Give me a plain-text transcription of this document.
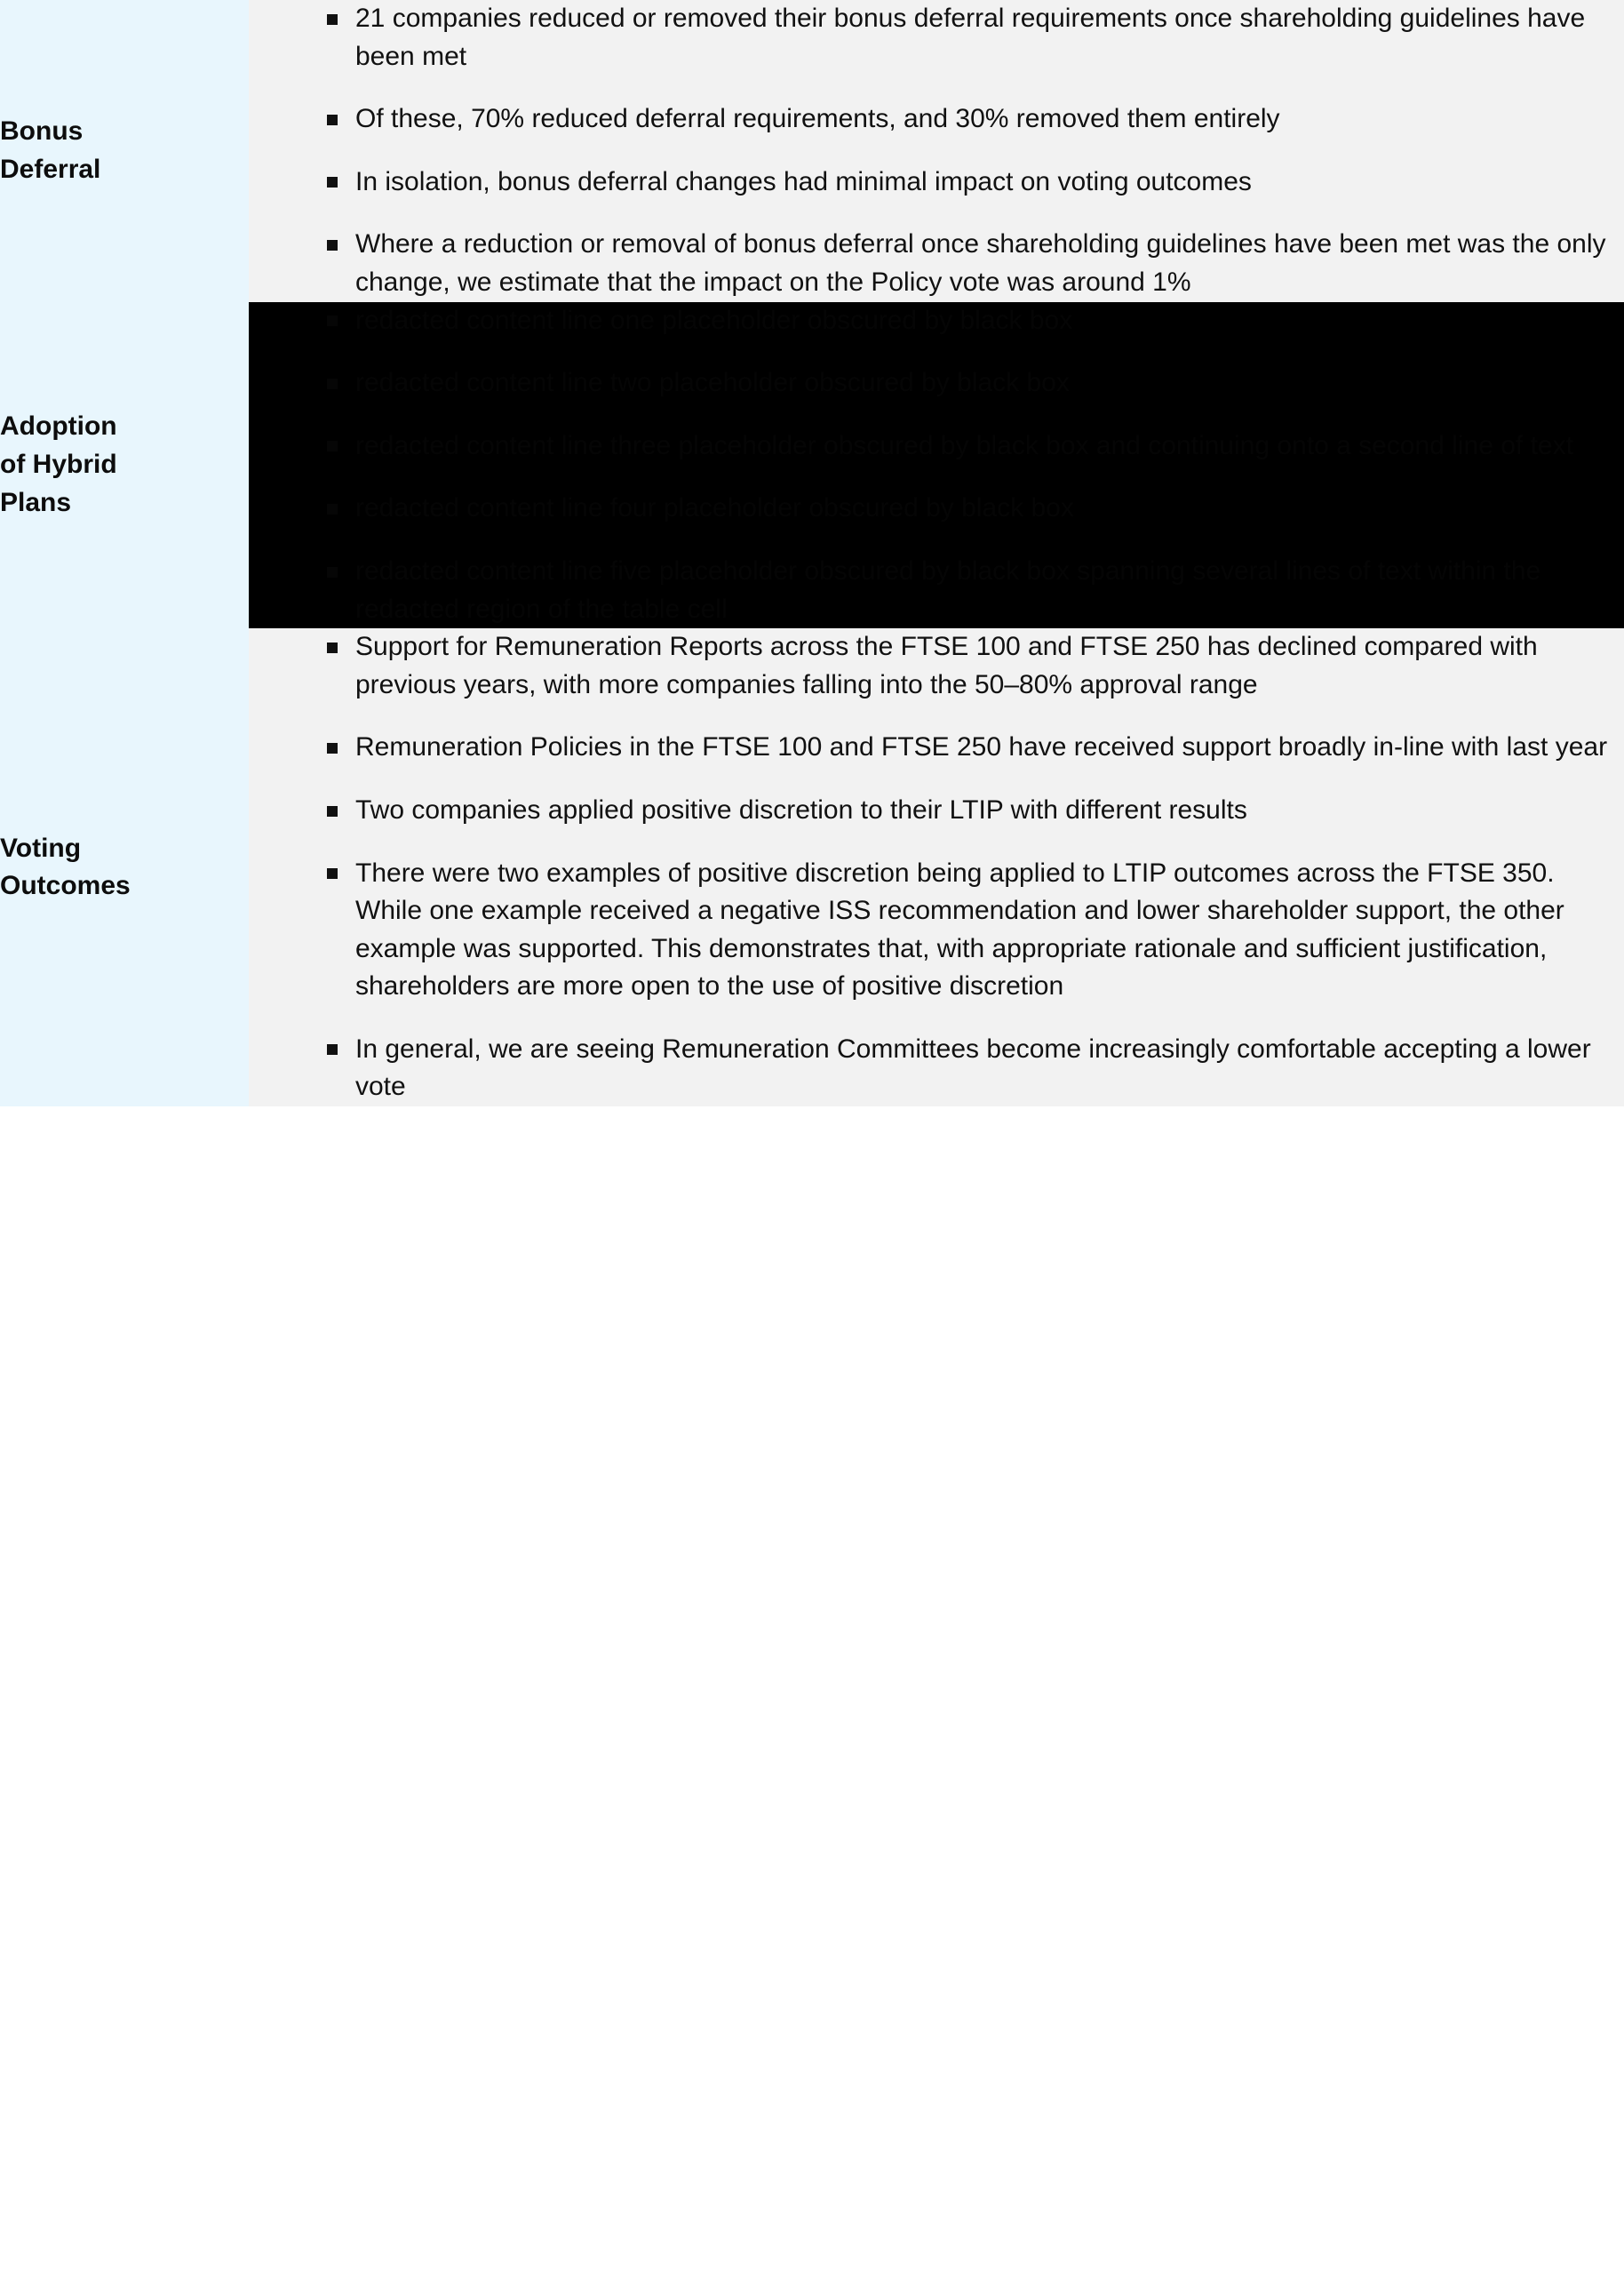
Bonus
Deferral

21 companies reduced or removed their bonus deferral requirements once shareholding guidelines have been met
Of these, 70% reduced deferral requirements, and 30% removed them entirely
In isolation, bonus deferral changes had minimal impact on voting outcomes
Where a reduction or removal of bonus deferral once shareholding guidelines have been met was the only change, we estimate that the impact on the Policy vote was around 1%

Adoption
of Hybrid
Plans

redacted content line one placeholder obscured by black box
redacted content line two placeholder obscured by black box
redacted content line three placeholder obscured by black box and continuing onto a second line of text
redacted content line four placeholder obscured by black box
redacted content line five placeholder obscured by black box spanning several lines of text within the redacted region of the table cell

Voting
Outcomes

Support for Remuneration Reports across the FTSE 100 and FTSE 250 has declined compared with previous years, with more companies falling into the 50–80% approval range
Remuneration Policies in the FTSE 100 and FTSE 250 have received support broadly in-line with last year
Two companies applied positive discretion to their LTIP with different results
There were two examples of positive discretion being applied to LTIP outcomes across the FTSE 350. While one example received a negative ISS recommendation and lower shareholder support, the other example was supported. This demonstrates that, with appropriate rationale and sufficient justification, shareholders are more open to the use of positive discretion
In general, we are seeing Remuneration Committees become increasingly comfortable accepting a lower vote
